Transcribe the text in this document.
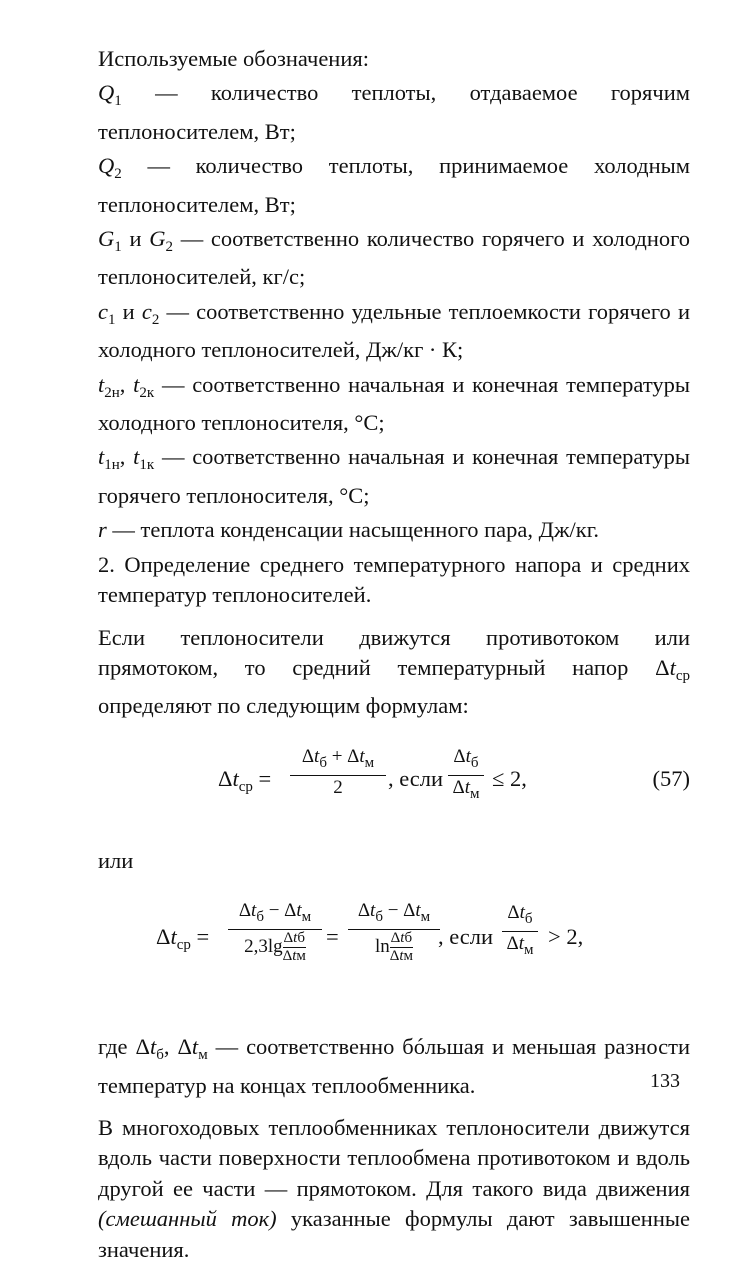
Используемые обозначения:

$Q_1$ — количество теплоты, отдаваемое горячим теплоносителем, Вт;

$Q_2$ — количество теплоты, принимаемое холодным теплоносителем, Вт;

$G_1$ и $G_2$ — соответственно количество горячего и холодного теплоносителей, кг/с;

$c_1$ и $c_2$ — соответственно удельные теплоемкости горячего и холодного теплоносителей, Дж/кг · К;

$t_{2н}$, $t_{2к}$ — соответственно начальная и конечная температуры холодного теплоносителя, °С;

$t_{1н}$, $t_{1к}$ — соответственно начальная и конечная температуры горячего теплоносителя, °С;

r — теплота конденсации насыщенного пара, Дж/кг.

2. Определение среднего температурного напора и средних температур теплоносителей.

Если теплоносители движутся противотоком или прямотоком, то средний температурный напор $\Delta t_{ср}$ определяют по следующим формулам:

$\Delta t_{ср}$ =
$\Delta t_б + \Delta t_м$
2	, если
$\Delta t_б$
$\Delta t_м$
≤ 2,	(57)

или

$\Delta t_{ср}$ =
$\Delta t_б - \Delta t_м$
2,3lgΔtб
Δtм
=
$\Delta t_б - \Delta t_м$
lnΔtб
Δtм
, если
$\Delta t_б$
$\Delta t_м$
> 2,

где $\Delta t_б$, $\Delta t_м$ — соответственно бóльшая и меньшая разности температур на концах теплообменника.

В многоходовых теплообменниках теплоносители движутся вдоль части поверхности теплообмена противотоком и вдоль другой ее части — прямотоком. Для такого вида движения (смешанный ток) указанные формулы дают завышенные значения.

133
